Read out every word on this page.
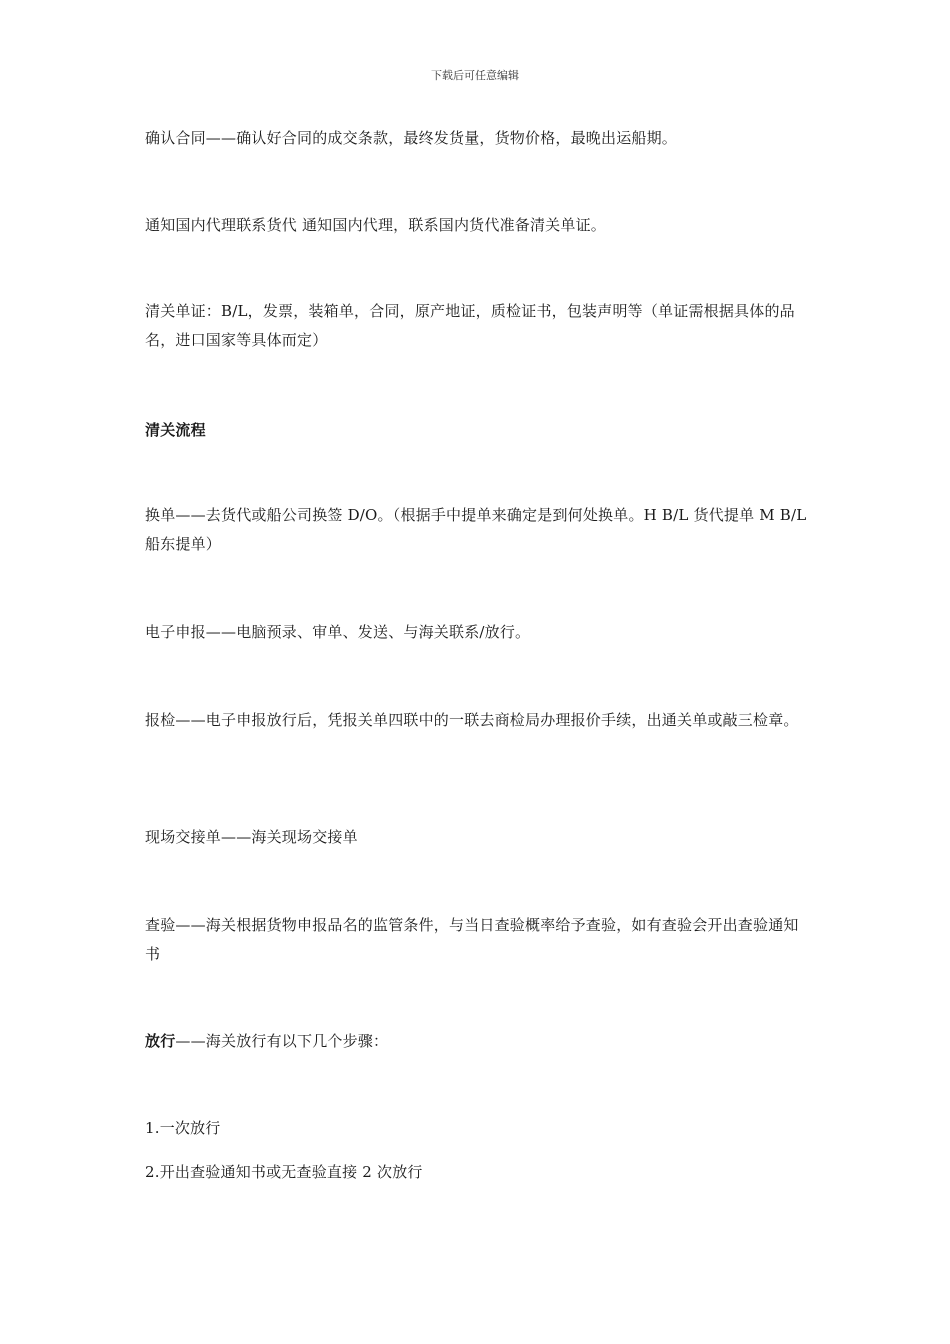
下载后可任意编辑
确认合同——确认好合同的成交条款，最终发货量，货物价格，最晚出运船期。
通知国内代理联系货代 通知国内代理，联系国内货代准备清关单证。
清关单证：B/L，发票，装箱单，合同，原产地证，质检证书，包装声明等（单证需根据具体的品名，进口国家等具体而定）
清关流程
换单——去货代或船公司换签 D/O。（根据手中提单来确定是到何处换单。H B/L 货代提单 M B/L 船东提单）
电子申报——电脑预录、审单、发送、与海关联系/放行。
报检——电子申报放行后，凭报关单四联中的一联去商检局办理报价手续，出通关单或敲三检章。
现场交接单——海关现场交接单
查验——海关根据货物申报品名的监管条件，与当日查验概率给予查验，如有查验会开出查验通知书
放行——海关放行有以下几个步骤：
1.一次放行
2.开出查验通知书或无查验直接 2 次放行
